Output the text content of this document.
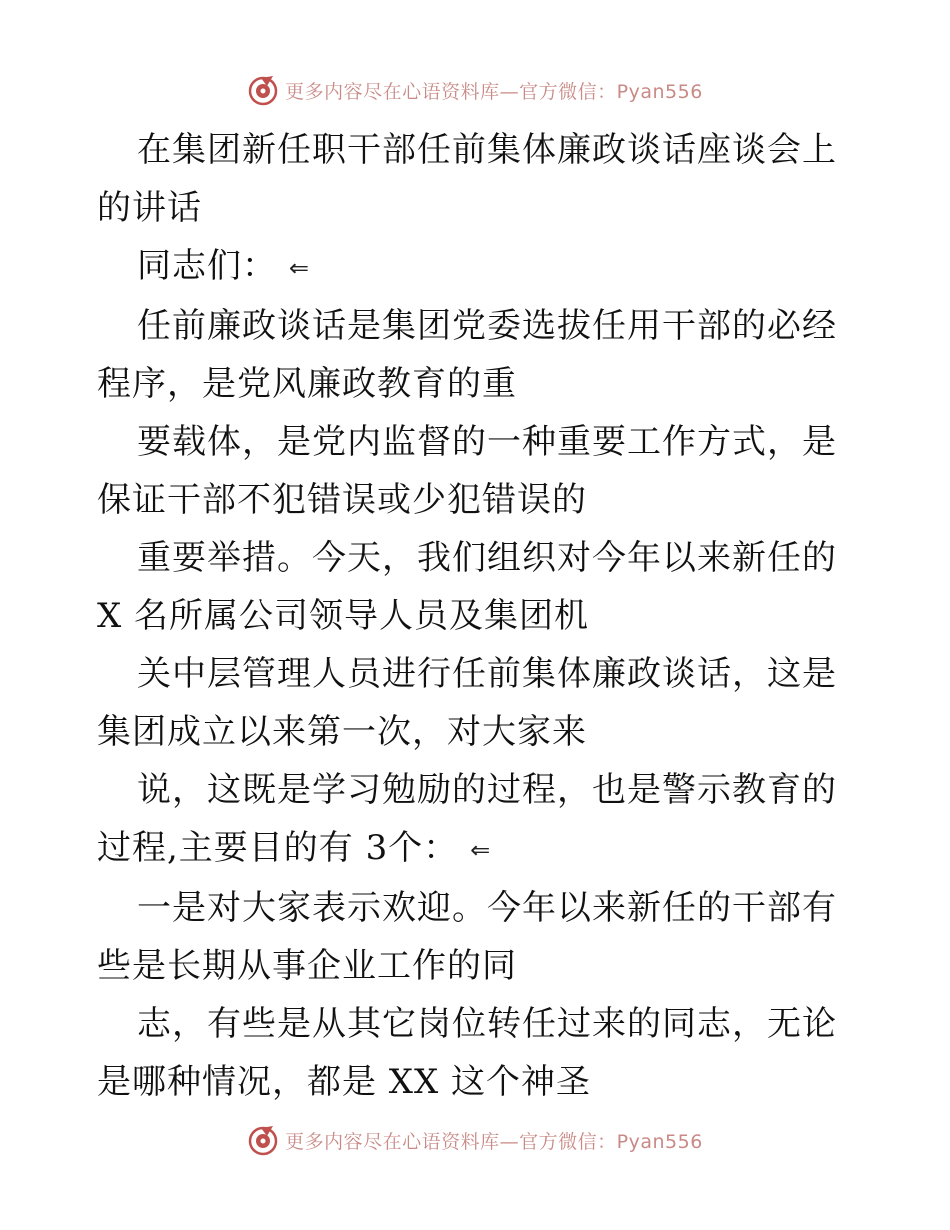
更多内容尽在心语资料库—官方微信：Pyan556

在集团新任职干部任前集体廉政谈话座谈会上的讲话

同志们： ⇐

任前廉政谈话是集团党委选拔任用干部的必经程序，是党风廉政教育的重

要载体，是党内监督的一种重要工作方式，是保证干部不犯错误或少犯错误的

重要举措。今天，我们组织对今年以来新任的 X 名所属公司领导人员及集团机

关中层管理人员进行任前集体廉政谈话，这是集团成立以来第一次，对大家来

说，这既是学习勉励的过程，也是警示教育的过程,主要目的有 3个： ⇐

一是对大家表示欢迎。今年以来新任的干部有些是长期从事企业工作的同

志，有些是从其它岗位转任过来的同志，无论是哪种情况，都是 XX 这个神圣

更多内容尽在心语资料库—官方微信：Pyan556
